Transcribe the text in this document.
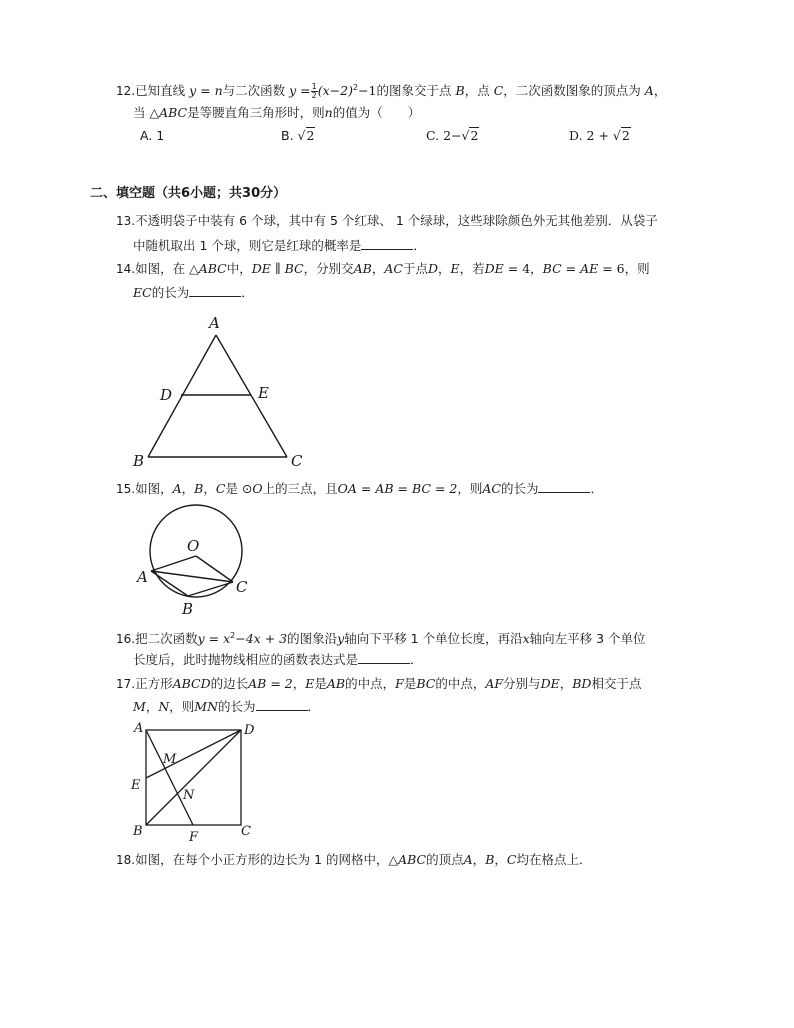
12.已知直线 y = n与二次函数 $y = \frac{1}{2} (x-2)^2-1$的图象交于点 B，点 C，二次函数图象的顶点为 A，
当 △ABC是等腰直角三角形时，则n的值为（　　）
A. 1	B. √2	C. 2−√2	D. 2 + √2
二、填空题（共6小题；共30分）
13.不透明袋子中装有 6 个球，其中有 5 个红球、 1 个绿球，这些球除颜色外无其他差别．从袋子
中随机取出 1 个球，则它是红球的概率是	．
14.如图，在 △ABC中，DE ∥ BC，分别交AB，AC于点D，E，若DE = 4，BC = AE = 6，则
EC的长为	．
A
D	E
B	C
15.如图，A，B，C是 ⊙O上的三点，且OA = AB = BC = 2，则AC的长为	．
O
A
C
B
16.把二次函数$y = x^2-4x + 3$的图象沿y轴向下平移 1 个单位长度，再沿x轴向左平移 3 个单位
长度后，此时抛物线相应的函数表达式是	．
17.正方形ABCD的边长AB = 2，E是AB的中点，F是BC的中点，AF分别与DE，BD相交于点
M，N，则MN的长为	．
A	D
M
E
N
B	F	C
18.如图，在每个小正方形的边长为 1 的网格中，△ABC的顶点A，B，C均在格点上．
